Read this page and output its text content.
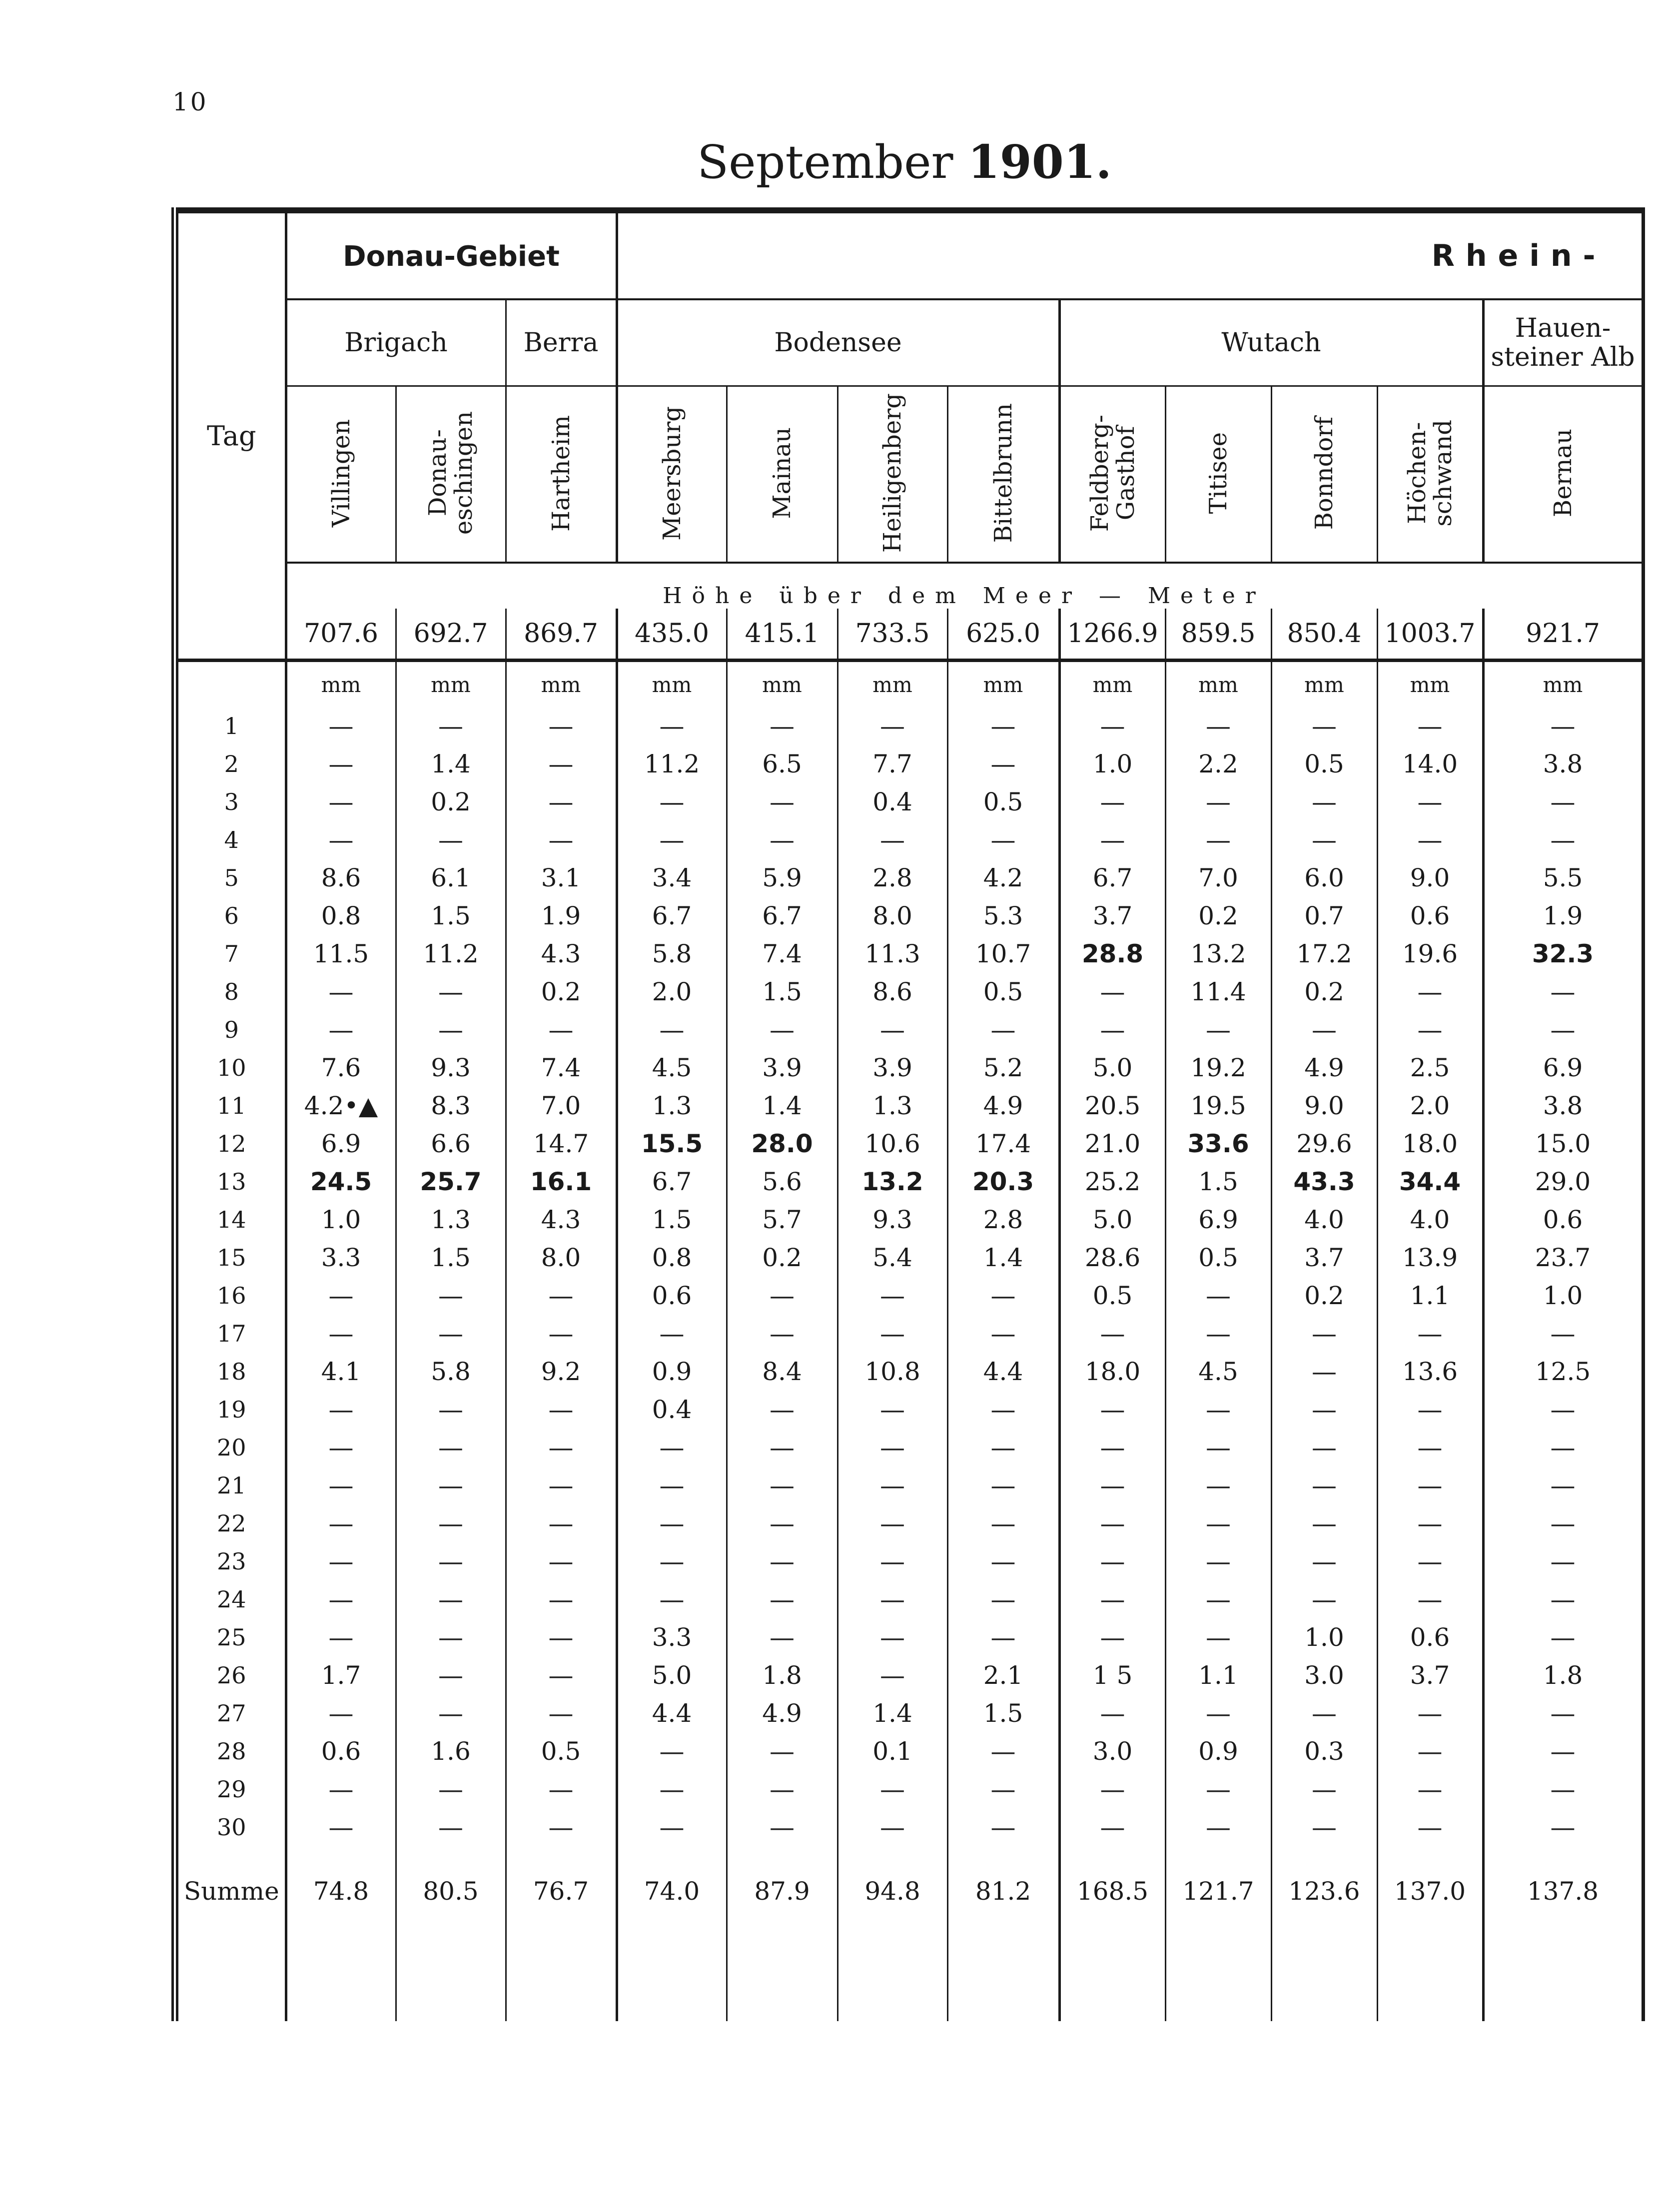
10
September 1901.
Tag	Donau-Gebiet			Rhein-								
	Brigach		Berra	Bodensee				Wutach				Hauen-
steiner Alb
	Villingen	Donau-
eschingen	Hartheim	Meersburg	Mainau	Heiligenberg	Bittelbrunn	Feldberg-
Gasthof	Titisee	Bonndorf	Höchen-
schwand	Bernau
	Höhe über dem Meer — Meter											
	707.6	692.7	869.7	435.0	415.1	733.5	625.0	1266.9	859.5	850.4	1003.7	921.7
	mm	mm	mm	mm	mm	mm	mm	mm	mm	mm	mm	mm
1	—	—	—	—	—	—	—	—	—	—	—	—
2	—	1.4	—	11.2	6.5	7.7	—	1.0	2.2	0.5	14.0	3.8
3	—	0.2	—	—	—	0.4	0.5	—	—	—	—	—
4	—	—	—	—	—	—	—	—	—	—	—	—
5	8.6	6.1	3.1	3.4	5.9	2.8	4.2	6.7	7.0	6.0	9.0	5.5
6	0.8	1.5	1.9	6.7	6.7	8.0	5.3	3.7	0.2	0.7	0.6	1.9
7	11.5	11.2	4.3	5.8	7.4	11.3	10.7	28.8	13.2	17.2	19.6	32.3
8	—	—	0.2	2.0	1.5	8.6	0.5	—	11.4	0.2	—	—
9	—	—	—	—	—	—	—	—	—	—	—	—
10	7.6	9.3	7.4	4.5	3.9	3.9	5.2	5.0	19.2	4.9	2.5	6.9
11	4.2•▲	8.3	7.0	1.3	1.4	1.3	4.9	20.5	19.5	9.0	2.0	3.8
12	6.9	6.6	14.7	15.5	28.0	10.6	17.4	21.0	33.6	29.6	18.0	15.0
13	24.5	25.7	16.1	6.7	5.6	13.2	20.3	25.2	1.5	43.3	34.4	29.0
14	1.0	1.3	4.3	1.5	5.7	9.3	2.8	5.0	6.9	4.0	4.0	0.6
15	3.3	1.5	8.0	0.8	0.2	5.4	1.4	28.6	0.5	3.7	13.9	23.7
16	—	—	—	0.6	—	—	—	0.5	—	0.2	1.1	1.0
17	—	—	—	—	—	—	—	—	—	—	—	—
18	4.1	5.8	9.2	0.9	8.4	10.8	4.4	18.0	4.5	—	13.6	12.5
19	—	—	—	0.4	—	—	—	—	—	—	—	—
20	—	—	—	—	—	—	—	—	—	—	—	—
21	—	—	—	—	—	—	—	—	—	—	—	—
22	—	—	—	—	—	—	—	—	—	—	—	—
23	—	—	—	—	—	—	—	—	—	—	—	—
24	—	—	—	—	—	—	—	—	—	—	—	—
25	—	—	—	3.3	—	—	—	—	—	1.0	0.6	—
26	1.7	—	—	5.0	1.8	—	2.1	1 5	1.1	3.0	3.7	1.8
27	—	—	—	4.4	4.9	1.4	1.5	—	—	—	—	—
28	0.6	1.6	0.5	—	—	0.1	—	3.0	0.9	0.3	—	—
29	—	—	—	—	—	—	—	—	—	—	—	—
30	—	—	—	—	—	—	—	—	—	—	—	—
Summe	74.8	80.5	76.7	74.0	87.9	94.8	81.2	168.5	121.7	123.6	137.0	137.8
